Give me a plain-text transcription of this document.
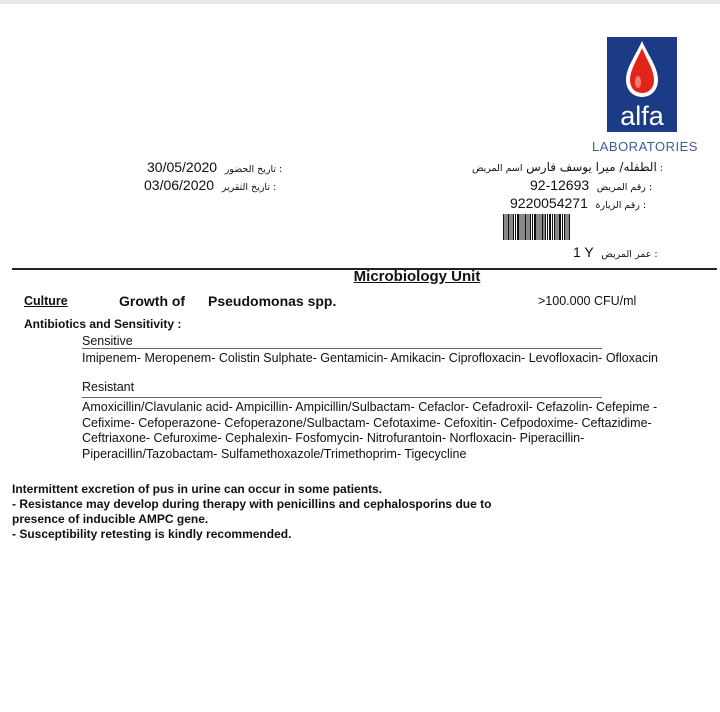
alfa
LABORATORIES
30/05/2020 تاريخ الحضور :
03/06/2020 تاريخ التقرير :
الطفله/ ميرا يوسف فارس اسم المريض :
92-12693 رقم المريض :
9220054271 رقم الزيارة :
1 Y عمر المريض :
Microbiology Unit
Culture	Growth of Pseudomonas spp.	>100.000 CFU/ml
Antibiotics and Sensitivity :
Sensitive
Imipenem- Meropenem- Colistin Sulphate- Gentamicin- Amikacin- Ciprofloxacin- Levofloxacin- Ofloxacin
Resistant
Amoxicillin/Clavulanic acid- Ampicillin- Ampicillin/Sulbactam- Cefaclor- Cefadroxil- Cefazolin- Cefepime - Cefixime- Cefoperazone- Cefoperazone/Sulbactam- Cefotaxime- Cefoxitin- Cefpodoxime- Ceftazidime- Ceftriaxone- Cefuroxime- Cephalexin- Fosfomycin- Nitrofurantoin- Norfloxacin- Piperacillin- Piperacillin/Tazobactam- Sulfamethoxazole/Trimethoprim- Tigecycline
Intermittent excretion of pus in urine can occur in some patients.
- Resistance may develop during therapy with penicillins and cephalosporins due to
presence of inducible AMPC gene.
- Susceptibility retesting is kindly recommended.
